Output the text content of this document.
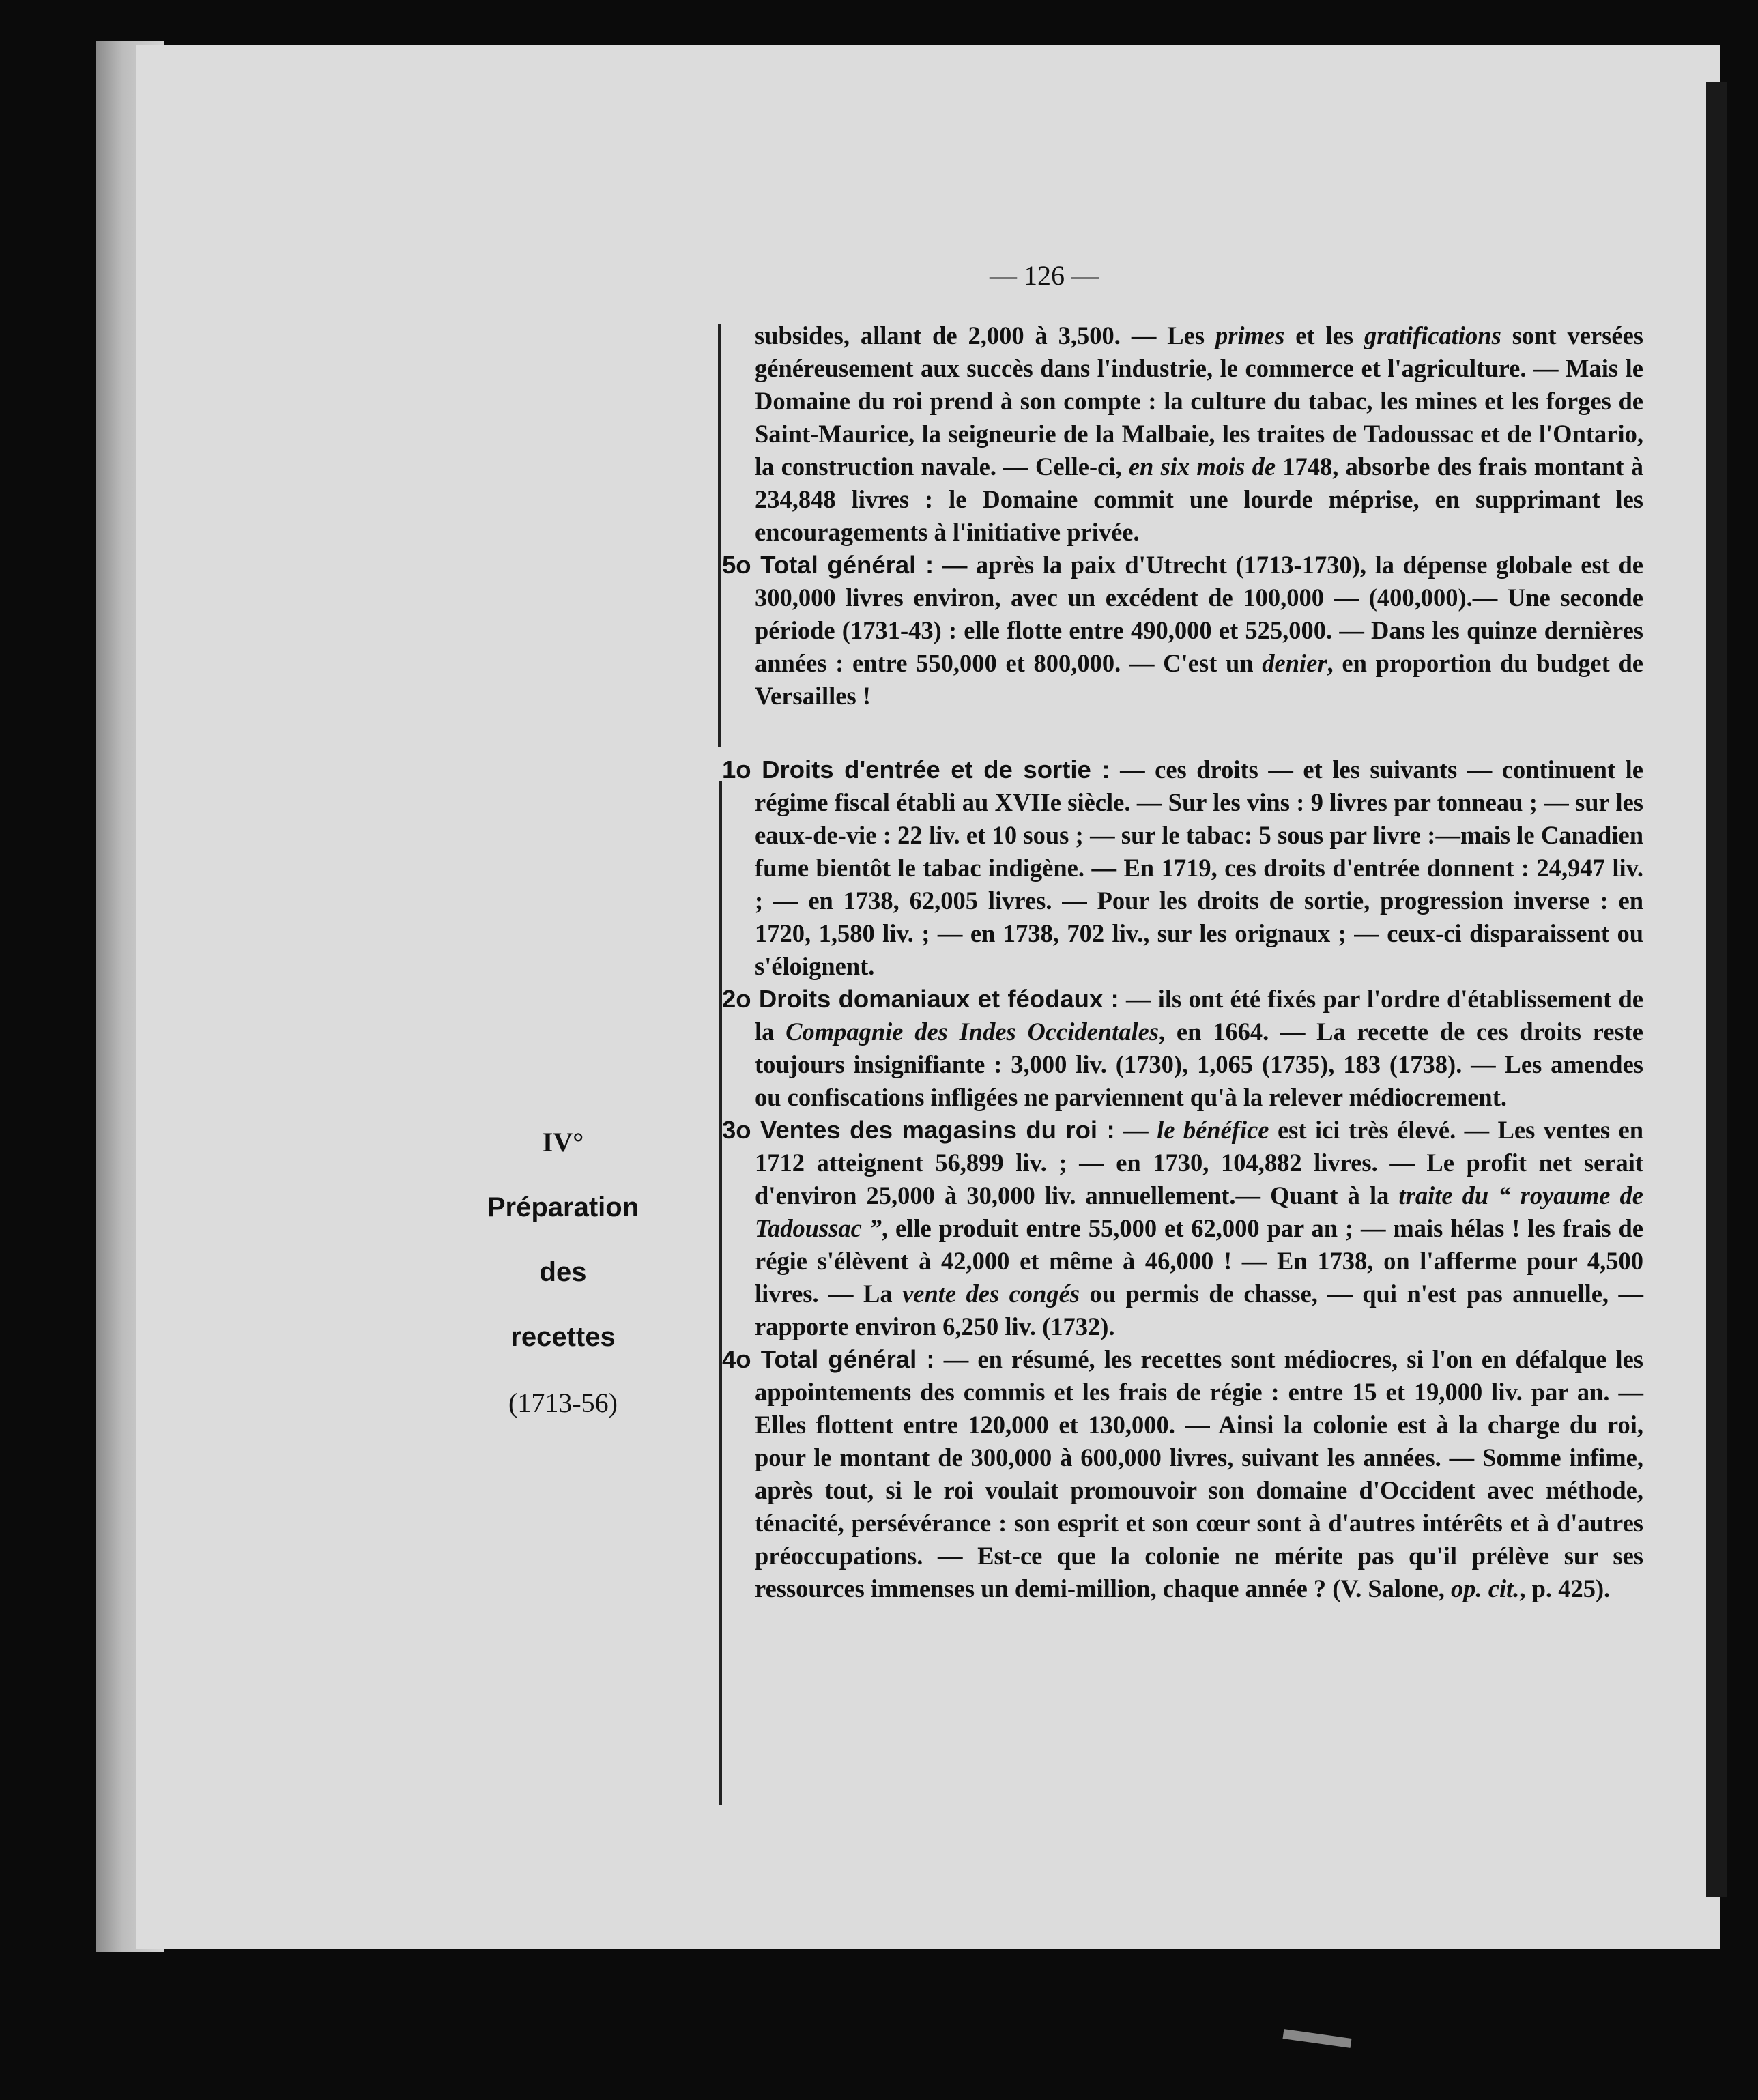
— 126 —
IV°
Préparation
des
recettes
(1713-56)

subsides, allant de 2,000 à 3,500. — Les primes et les gratifications sont versées généreusement aux succès dans l'industrie, le commerce et l'agriculture. — Mais le Domaine du roi prend à son compte : la culture du tabac, les mines et les forges de Saint-Maurice, la seigneurie de la Malbaie, les traites de Tadoussac et de l'Ontario, la construction navale. — Celle-ci, en six mois de 1748, absorbe des frais montant à 234,848 livres : le Domaine commit une lourde méprise, en supprimant les encouragements à l'initiative privée.

5o Total général : — après la paix d'Utrecht (1713-1730), la dépense globale est de 300,000 livres environ, avec un excédent de 100,000 — (400,000).— Une seconde période (1731-43) : elle flotte entre 490,000 et 525,000. — Dans les quinze dernières années : entre 550,000 et 800,000. — C'est un denier, en proportion du budget de Versailles !

1o Droits d'entrée et de sortie : — ces droits — et les suivants — continuent le régime fiscal établi au XVIIe siècle. — Sur les vins : 9 livres par tonneau ; — sur les eaux-de-vie : 22 liv. et 10 sous ; — sur le tabac: 5 sous par livre :—mais le Canadien fume bientôt le tabac indigène. — En 1719, ces droits d'entrée donnent : 24,947 liv. ; — en 1738, 62,005 livres. — Pour les droits de sortie, progression inverse : en 1720, 1,580 liv. ; — en 1738, 702 liv., sur les orignaux ; — ceux-ci disparaissent ou s'éloignent.

2o Droits domaniaux et féodaux : — ils ont été fixés par l'ordre d'établissement de la Compagnie des Indes Occidentales, en 1664. — La recette de ces droits reste toujours insignifiante : 3,000 liv. (1730), 1,065 (1735), 183 (1738). — Les amendes ou confiscations infligées ne parviennent qu'à la relever médiocrement.

3o Ventes des magasins du roi : — le bénéfice est ici très élevé. — Les ventes en 1712 atteignent 56,899 liv. ; — en 1730, 104,882 livres. — Le profit net serait d'environ 25,000 à 30,000 liv. annuellement.— Quant à la traite du “ royaume de Tadoussac ”, elle produit entre 55,000 et 62,000 par an ; — mais hélas ! les frais de régie s'élèvent à 42,000 et même à 46,000 ! — En 1738, on l'afferme pour 4,500 livres. — La vente des congés ou permis de chasse, — qui n'est pas annuelle, — rapporte environ 6,250 liv. (1732).

4o Total général : — en résumé, les recettes sont médiocres, si l'on en défalque les appointements des commis et les frais de régie : entre 15 et 19,000 liv. par an. — Elles flottent entre 120,000 et 130,000. — Ainsi la colonie est à la charge du roi, pour le montant de 300,000 à 600,000 livres, suivant les années. — Somme infime, après tout, si le roi voulait promouvoir son domaine d'Occident avec méthode, ténacité, persévérance : son esprit et son cœur sont à d'autres intérêts et à d'autres préoccupations. — Est-ce que la colonie ne mérite pas qu'il prélève sur ses ressources immenses un demi-million, chaque année ? (V. Salone, op. cit., p. 425).
